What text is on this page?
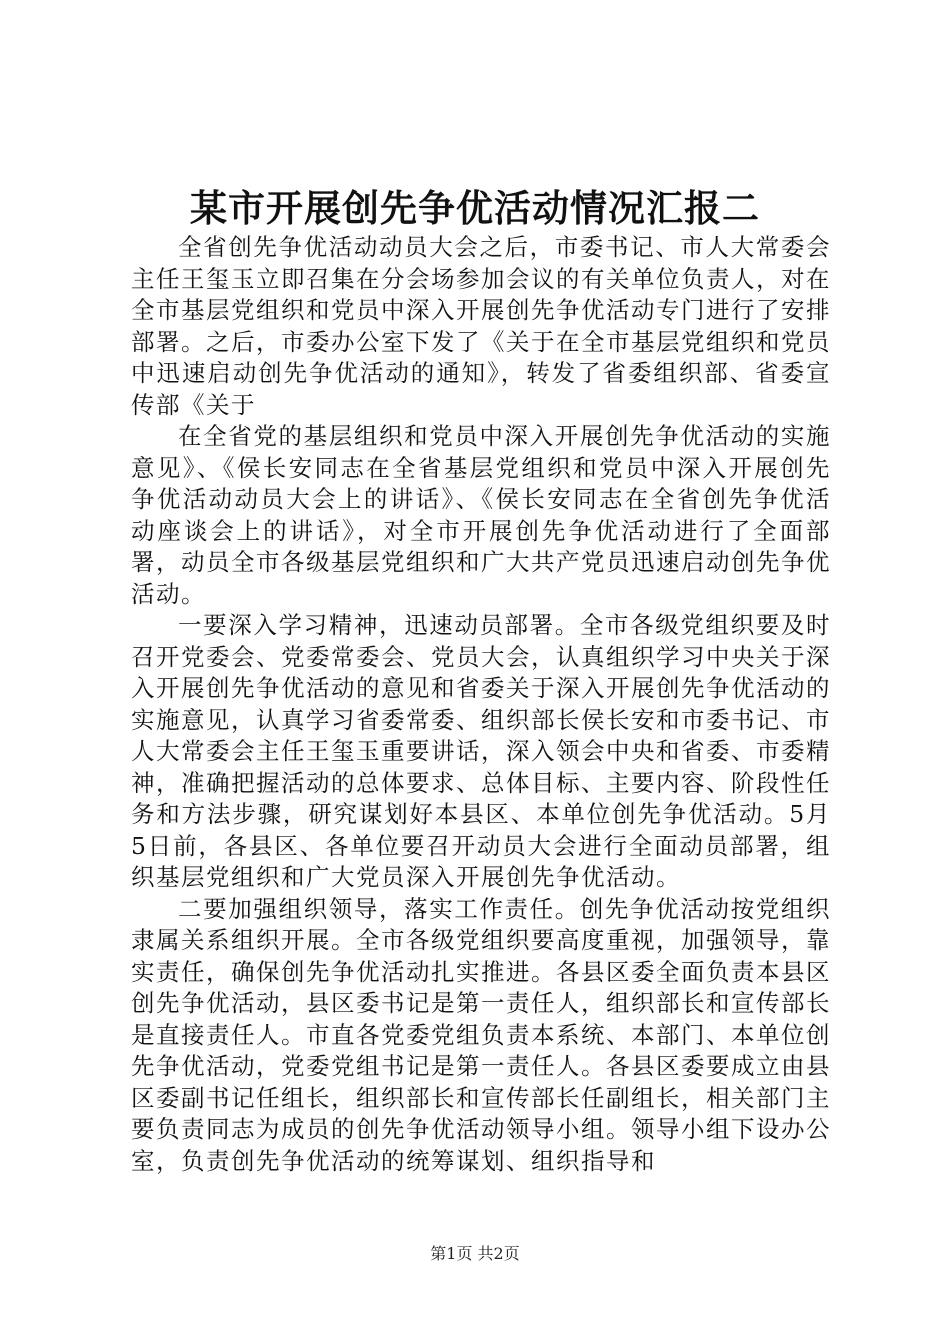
某市开展创先争优活动情况汇报二

全省创先争优活动动员大会之后，市委书记、市人大常委会主任王玺玉立即召集在分会场参加会议的有关单位负责人，对在全市基层党组织和党员中深入开展创先争优活动专门进行了安排部署。之后，市委办公室下发了《关于在全市基层党组织和党员中迅速启动创先争优活动的通知》，转发了省委组织部、省委宣传部《关于

在全省党的基层组织和党员中深入开展创先争优活动的实施意见》、《侯长安同志在全省基层党组织和党员中深入开展创先争优活动动员大会上的讲话》、《侯长安同志在全省创先争优活动座谈会上的讲话》，对全市开展创先争优活动进行了全面部署，动员全市各级基层党组织和广大共产党员迅速启动创先争优活动。

一要深入学习精神，迅速动员部署。全市各级党组织要及时召开党委会、党委常委会、党员大会，认真组织学习中央关于深入开展创先争优活动的意见和省委关于深入开展创先争优活动的实施意见，认真学习省委常委、组织部长侯长安和市委书记、市人大常委会主任王玺玉重要讲话，深入领会中央和省委、市委精神，准确把握活动的总体要求、总体目标、主要内容、阶段性任务和方法步骤，研究谋划好本县区、本单位创先争优活动。5月5日前，各县区、各单位要召开动员大会进行全面动员部署，组织基层党组织和广大党员深入开展创先争优活动。

二要加强组织领导，落实工作责任。创先争优活动按党组织隶属关系组织开展。全市各级党组织要高度重视，加强领导，靠实责任，确保创先争优活动扎实推进。各县区委全面负责本县区创先争优活动，县区委书记是第一责任人，组织部长和宣传部长是直接责任人。市直各党委党组负责本系统、本部门、本单位创先争优活动，党委党组书记是第一责任人。各县区委要成立由县区委副书记任组长，组织部长和宣传部长任副组长，相关部门主要负责同志为成员的创先争优活动领导小组。领导小组下设办公室，负责创先争优活动的统筹谋划、组织指导和

第1页 共2页
